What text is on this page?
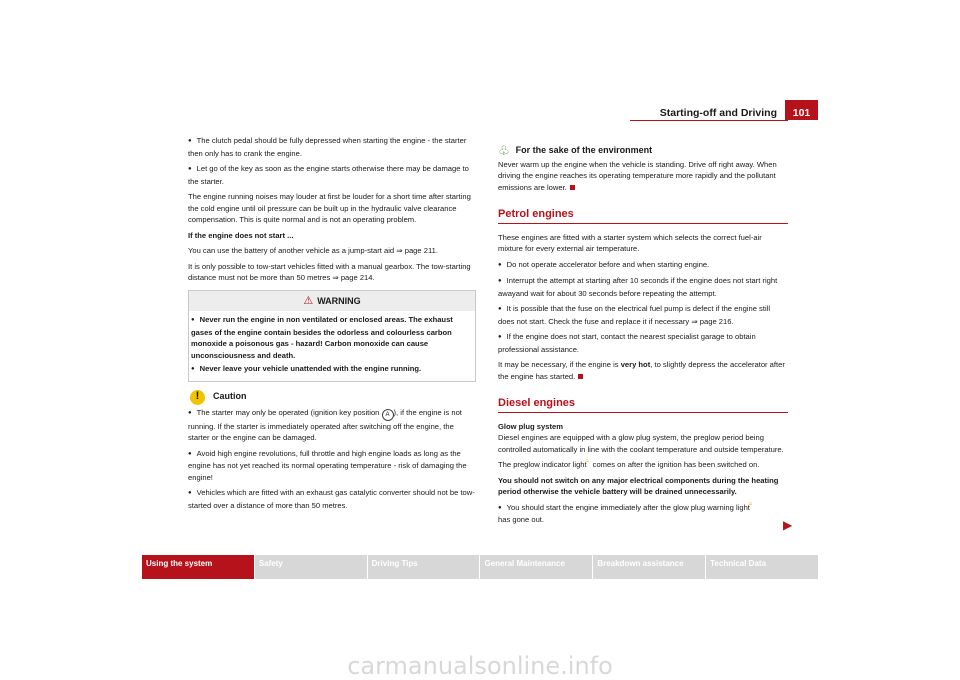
Starting-off and Driving	101

● The clutch pedal should be fully depressed when starting the engine - the starter then only has to crank the engine.

● Let go of the key as soon as the engine starts otherwise there may be damage to the starter.

The engine running noises may louder at first be louder for a short time after starting the cold engine until oil pressure can be built up in the hydraulic valve clearance compensation. This is quite normal and is not an operating problem.

If the engine does not start ...

You can use the battery of another vehicle as a jump-start aid ⇒ page 211.

It is only possible to tow-start vehicles fitted with a manual gearbox. The tow-starting distance must not be more than 50 metres ⇒ page 214.

⚠ WARNING

● Never run the engine in non ventilated or enclosed areas. The exhaust gases of the engine contain besides the odorless and colourless carbon monoxide a poisonous gas - hazard! Carbon monoxide can cause unconsciousness and death.

● Never leave your vehicle unattended with the engine running.

!	Caution

● The starter may only be operated (ignition key position A ), if the engine is not running. If the starter is immediately operated after switching off the engine, the starter or the engine can be damaged.

● Avoid high engine revolutions, full throttle and high engine loads as long as the engine has not yet reached its normal operating temperature - risk of damaging the engine!

● Vehicles which are fitted with an exhaust gas catalytic converter should not be tow-started over a distance of more than 50 metres.

♧ For the sake of the environment

Never warm up the engine when the vehicle is standing. Drive off right away. When driving the engine reaches its operating temperature more rapidly and the pollutant emissions are lower.

Petrol engines

These engines are fitted with a starter system which selects the correct fuel-air mixture for every external air temperature.

● Do not operate accelerator before and when starting engine.

● Interrupt the attempt at starting after 10 seconds if the engine does not start right awayand wait for about 30 seconds before repeating the attempt.

● It is possible that the fuse on the electrical fuel pump is defect if the engine still does not start. Check the fuse and replace it if necessary ⇒ page 216.

● If the engine does not start, contact the nearest specialist garage to obtain professional assistance.

It may be necessary, if the engine is very hot, to slightly depress the accelerator after the engine has started.

Diesel engines

Glow plug system

Diesel engines are equipped with a glow plug system, the preglow period being controlled automatically in line with the coolant temperature and outside temperature.

The preglow indicator light comes on after the ignition has been switched on.

You should not switch on any major electrical components during the heating period otherwise the vehicle battery will be drained unnecessarily.

● You should start the engine immediately after the glow plug warning light
has gone out.	▶
Using the system	Safety	Driving Tips	General Maintenance	Breakdown assistance	Technical Data
carmanualsonline.info
